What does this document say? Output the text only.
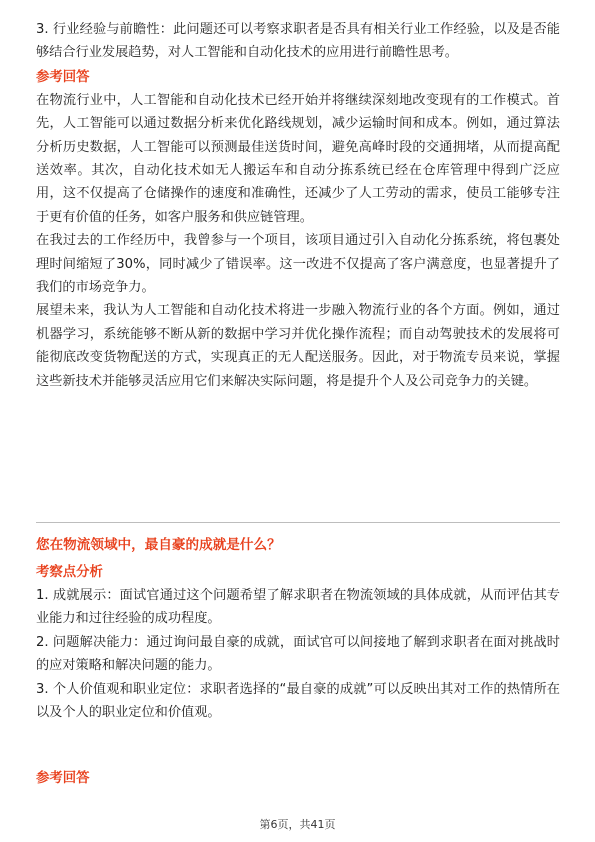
3. 行业经验与前瞻性：此问题还可以考察求职者是否具有相关行业工作经验，以及是否能够结合行业发展趋势，对人工智能和自动化技术的应用进行前瞻性思考。

参考回答

在物流行业中，人工智能和自动化技术已经开始并将继续深刻地改变现有的工作模式。首先，人工智能可以通过数据分析来优化路线规划，减少运输时间和成本。例如，通过算法分析历史数据，人工智能可以预测最佳送货时间，避免高峰时段的交通拥堵，从而提高配送效率。其次，自动化技术如无人搬运车和自动分拣系统已经在仓库管理中得到广泛应用，这不仅提高了仓储操作的速度和准确性，还减少了人工劳动的需求，使员工能够专注于更有价值的任务，如客户服务和供应链管理。

在我过去的工作经历中，我曾参与一个项目，该项目通过引入自动化分拣系统，将包裹处理时间缩短了30%，同时减少了错误率。这一改进不仅提高了客户满意度，也显著提升了我们的市场竞争力。

展望未来，我认为人工智能和自动化技术将进一步融入物流行业的各个方面。例如，通过机器学习，系统能够不断从新的数据中学习并优化操作流程；而自动驾驶技术的发展将可能彻底改变货物配送的方式，实现真正的无人配送服务。因此，对于物流专员来说，掌握这些新技术并能够灵活应用它们来解决实际问题，将是提升个人及公司竞争力的关键。

您在物流领域中，最自豪的成就是什么？

考察点分析

1. 成就展示：面试官通过这个问题希望了解求职者在物流领域的具体成就，从而评估其专业能力和过往经验的成功程度。

2. 问题解决能力：通过询问最自豪的成就，面试官可以间接地了解到求职者在面对挑战时的应对策略和解决问题的能力。

3. 个人价值观和职业定位：求职者选择的“最自豪的成就”可以反映出其对工作的热情所在以及个人的职业定位和价值观。

参考回答

第6页，共41页
